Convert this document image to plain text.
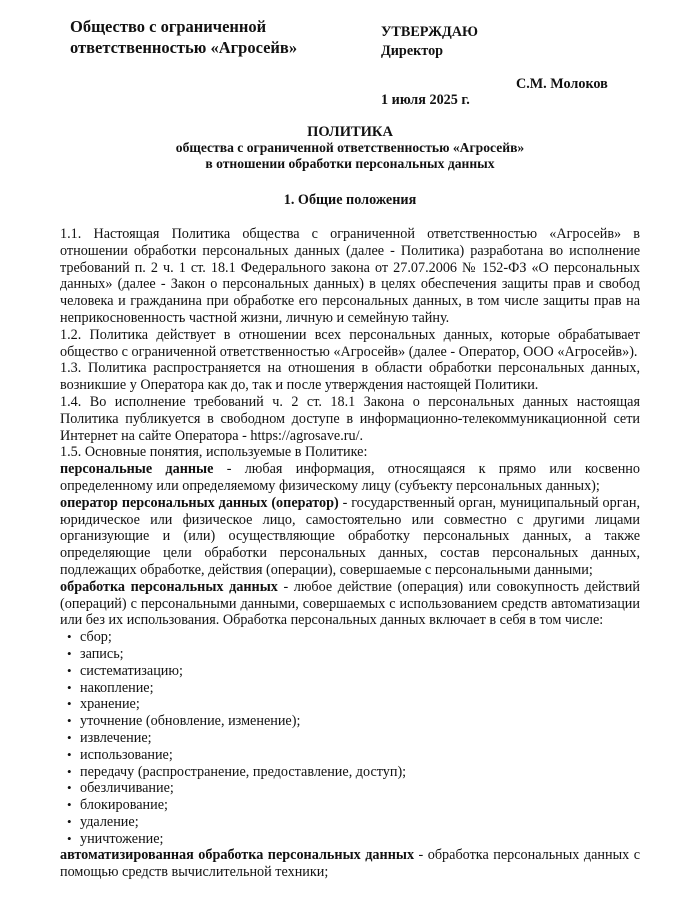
Общество с ограниченной
ответственностью «Агросейв»
УТВЕРЖДАЮ
Директор
С.М. Молоков
1 июля 2025 г.
ПОЛИТИКА
общества с ограниченной ответственностью «Агросейв»
в отношении обработки персональных данных
1. Общие положения

1.1. Настоящая Политика общества с ограниченной ответственностью «Агросейв» в отношении обработки персональных данных (далее - Политика) разработана во исполнение требований п. 2 ч. 1 ст. 18.1 Федерального закона от 27.07.2006 № 152-ФЗ «О персональных данных» (далее - Закон о персональных данных) в целях обеспечения защиты прав и свобод человека и гражданина при обработке его персональных данных, в том числе защиты прав на неприкосновенность частной жизни, личную и семейную тайну.

1.2. Политика действует в отношении всех персональных данных, которые обрабатывает общество с ограниченной ответственностью «Агросейв» (далее - Оператор, ООО «Агросейв»).

1.3. Политика распространяется на отношения в области обработки персональных данных, возникшие у Оператора как до, так и после утверждения настоящей Политики.

1.4. Во исполнение требований ч. 2 ст. 18.1 Закона о персональных данных настоящая Политика публикуется в свободном доступе в информационно-телекоммуникационной сети Интернет на сайте Оператора - https://agrosave.ru/.

1.5. Основные понятия, используемые в Политике:

персональные данные - любая информация, относящаяся к прямо или косвенно определенному или определяемому физическому лицу (субъекту персональных данных);

оператор персональных данных (оператор) - государственный орган, муниципальный орган, юридическое или физическое лицо, самостоятельно или совместно с другими лицами организующие и (или) осуществляющие обработку персональных данных, а также определяющие цели обработки персональных данных, состав персональных данных, подлежащих обработке, действия (операции), совершаемые с персональными данными;

обработка персональных данных - любое действие (операция) или совокупность действий (операций) с персональными данными, совершаемых с использованием средств автоматизации или без их использования. Обработка персональных данных включает в себя в том числе:

• сбор;
• запись;
• систематизацию;
• накопление;
• хранение;
• уточнение (обновление, изменение);
• извлечение;
• использование;
• передачу (распространение, предоставление, доступ);
• обезличивание;
• блокирование;
• удаление;
• уничтожение;

автоматизированная обработка персональных данных - обработка персональных данных с помощью средств вычислительной техники;
